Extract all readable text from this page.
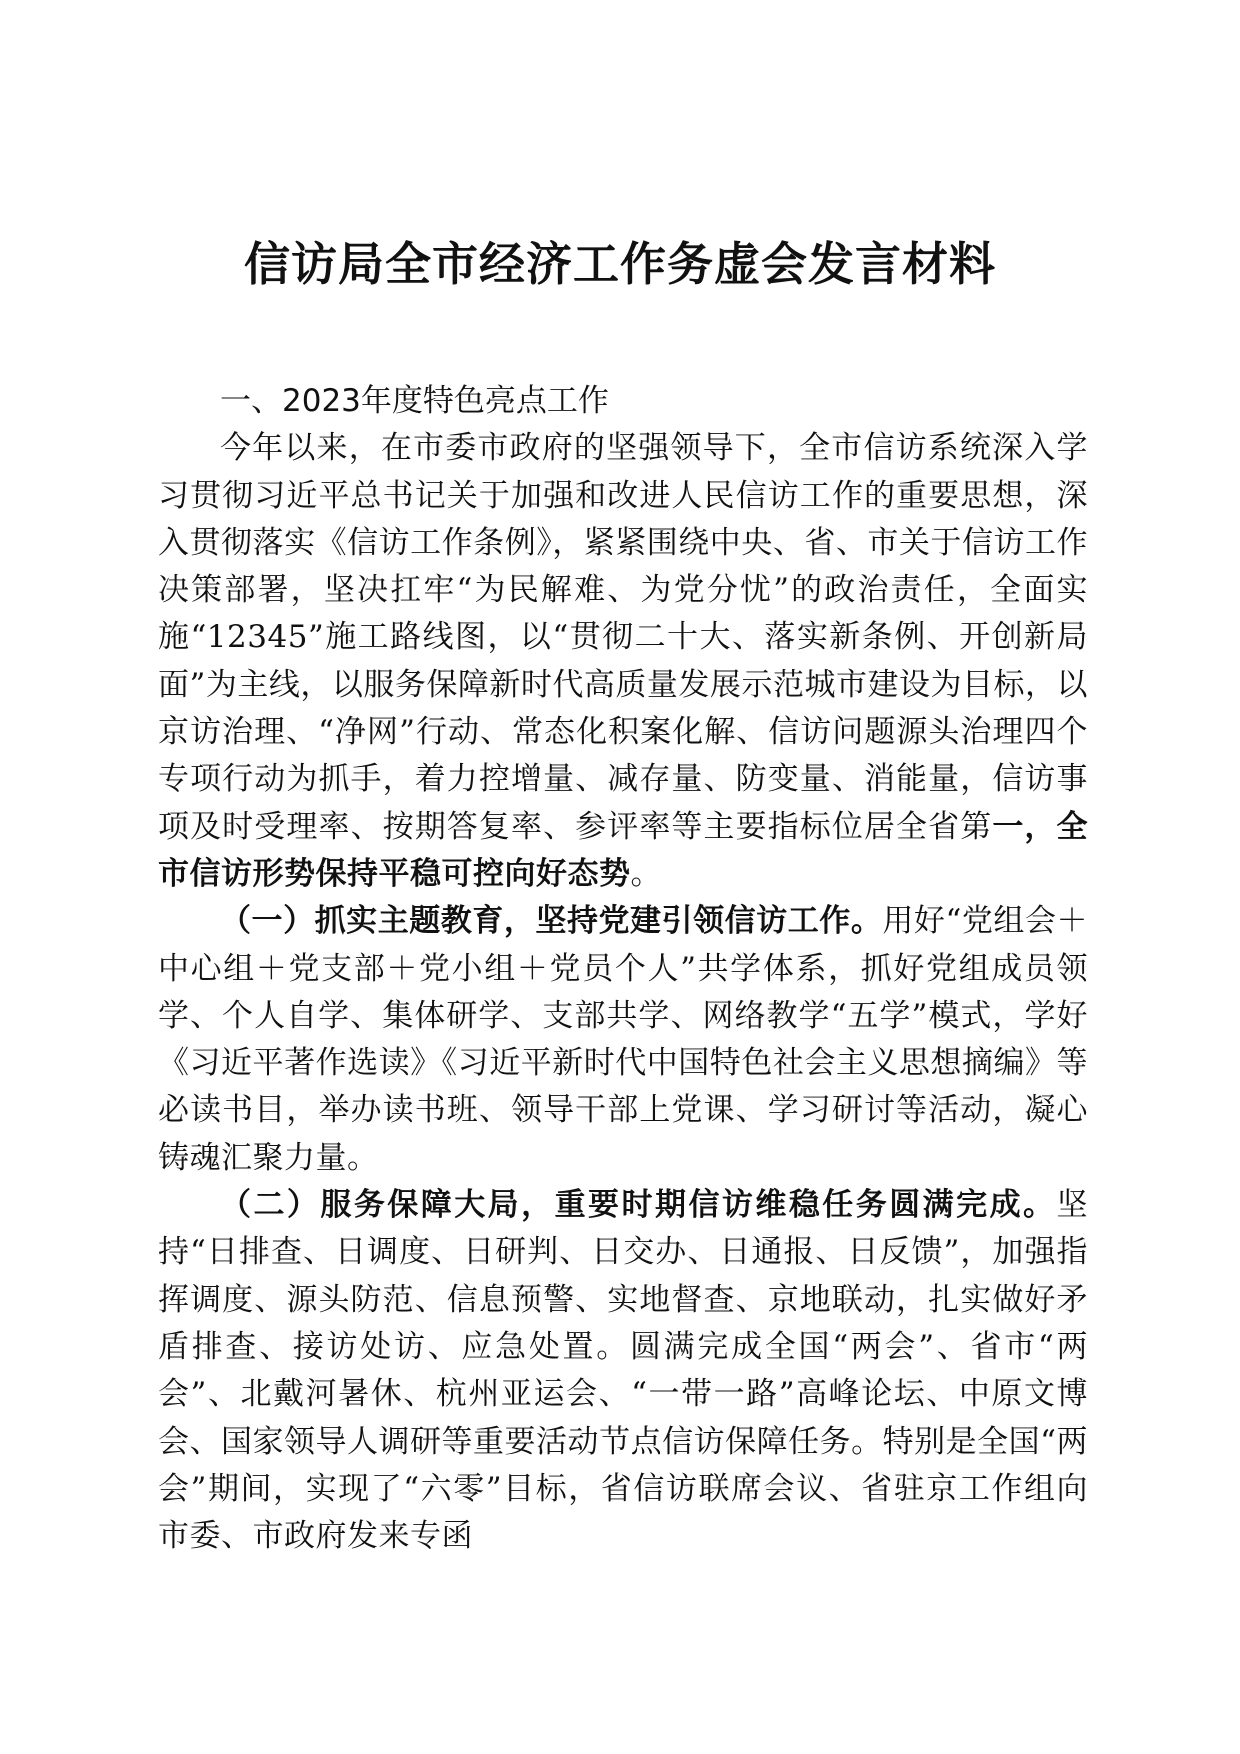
信访局全市经济工作务虚会发言材料

一、2023年度特色亮点工作

今年以来，在市委市政府的坚强领导下，全市信访系统深入学习贯彻习近平总书记关于加强和改进人民信访工作的重要思想，深入贯彻落实《信访工作条例》，紧紧围绕中央、省、市关于信访工作决策部署，坚决扛牢“为民解难、为党分忧”的政治责任，全面实施“12345”施工路线图，以“贯彻二十大、落实新条例、开创新局面”为主线，以服务保障新时代高质量发展示范城市建设为目标，以京访治理、“净网”行动、常态化积案化解、信访问题源头治理四个专项行动为抓手，着力控增量、减存量、防变量、消能量，信访事项及时受理率、按期答复率、参评率等主要指标位居全省第一，全市信访形势保持平稳可控向好态势。

（一）抓实主题教育，坚持党建引领信访工作。用好“党组会＋中心组＋党支部＋党小组＋党员个人”共学体系，抓好党组成员领学、个人自学、集体研学、支部共学、网络教学“五学”模式，学好《习近平著作选读》《习近平新时代中国特色社会主义思想摘编》等必读书目，举办读书班、领导干部上党课、学习研讨等活动，凝心铸魂汇聚力量。

（二）服务保障大局，重要时期信访维稳任务圆满完成。坚持“日排查、日调度、日研判、日交办、日通报、日反馈”，加强指挥调度、源头防范、信息预警、实地督查、京地联动，扎实做好矛盾排查、接访处访、应急处置。圆满完成全国“两会”、省市“两会”、北戴河暑休、杭州亚运会、“一带一路”高峰论坛、中原文博会、国家领导人调研等重要活动节点信访保障任务。特别是全国“两会”期间，实现了“六零”目标，省信访联席会议、省驻京工作组向市委、市政府发来专函
